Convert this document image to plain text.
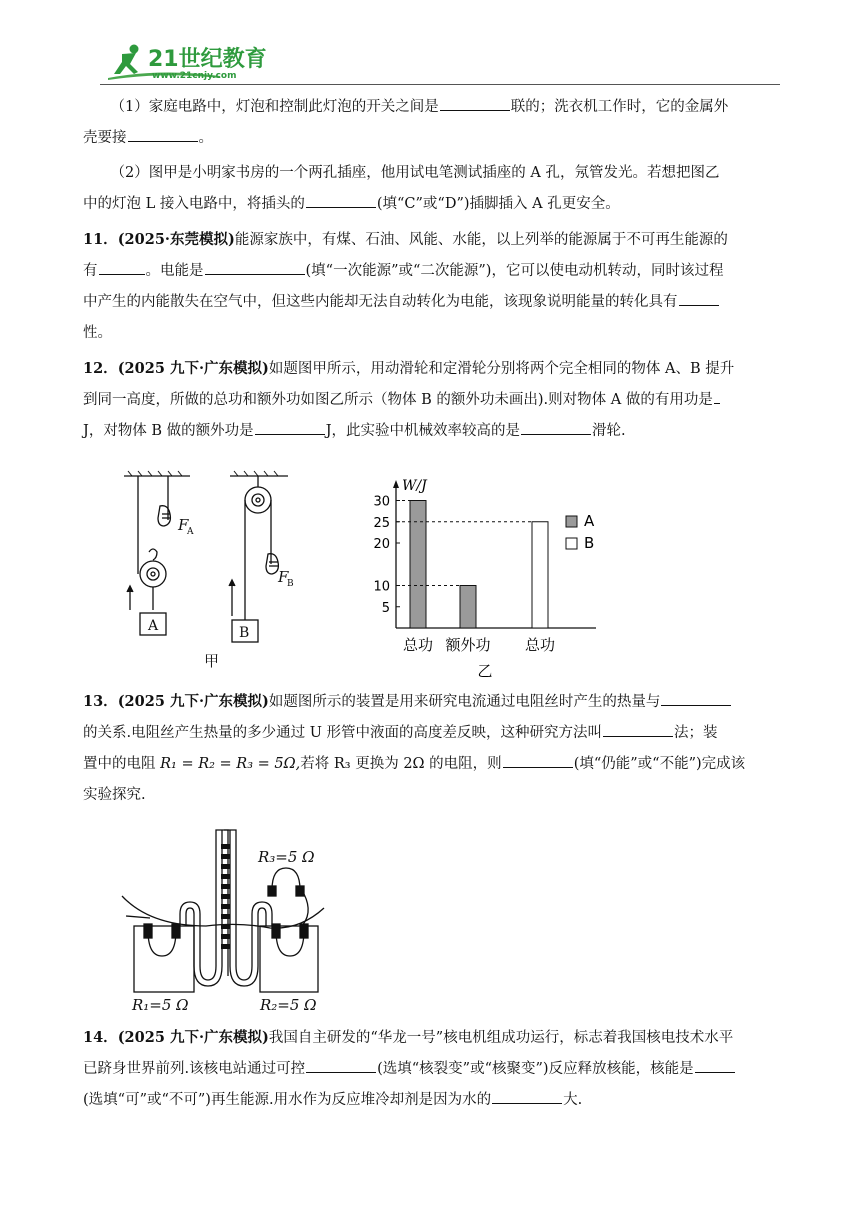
21世纪教育
www.21cnjy.com

（1）家庭电路中，灯泡和控制此灯泡的开关之间是	联的；洗衣机工作时，它的金属外

壳要接	。

（2）图甲是小明家书房的一个两孔插座，他用试电笔测试插座的 A 孔，氖管发光。若想把图乙

中的灯泡 L 接入电路中，将插头的	(填“C”或“D”)插脚插入 A 孔更安全。

11．(2025·东莞模拟)能源家族中，有煤、石油、风能、水能，以上列举的能源属于不可再生能源的

有	。电能是	(填“一次能源”或“二次能源”)，它可以使电动机转动，同时该过程

中产生的内能散失在空气中，但这些内能却无法自动转化为电能，该现象说明能量的转化具有

性。

12．(2025 九下·广东模拟)如题图甲所示，用动滑轮和定滑轮分别将两个完全相同的物体 A、B 提升

到同一高度，所做的总功和额外功如图乙所示（物体 B 的额外功未画出).则对物体 A 做的有用功是

J，对物体 B 做的额外功是	J，此实验中机械效率较高的是	滑轮.

F
A
F
B
A	B
甲
W/J
5
10
20
25
30
总功 额外功 总功
A
B
乙

13．(2025 九下·广东模拟)如题图所示的装置是用来研究电流通过电阻丝时产生的热量与

的关系.电阻丝产生热量的多少通过 U 形管中液面的高度差反映，这种研究方法叫	法；装

置中的电阻 R₁ = R₂ = R₃ = 5Ω,若将 R₃ 更换为 2Ω 的电阻，则	(填“仍能”或“不能”)完成该

实验探究.

R₃=5 Ω
R₁=5 Ω	R₂=5 Ω

14．(2025 九下·广东模拟)我国自主研发的“华龙一号”核电机组成功运行，标志着我国核电技术水平

已跻身世界前列.该核电站通过可控	(选填“核裂变”或“核聚变”)反应释放核能，核能是

(选填“可”或“不可”)再生能源.用水作为反应堆冷却剂是因为水的	大.
